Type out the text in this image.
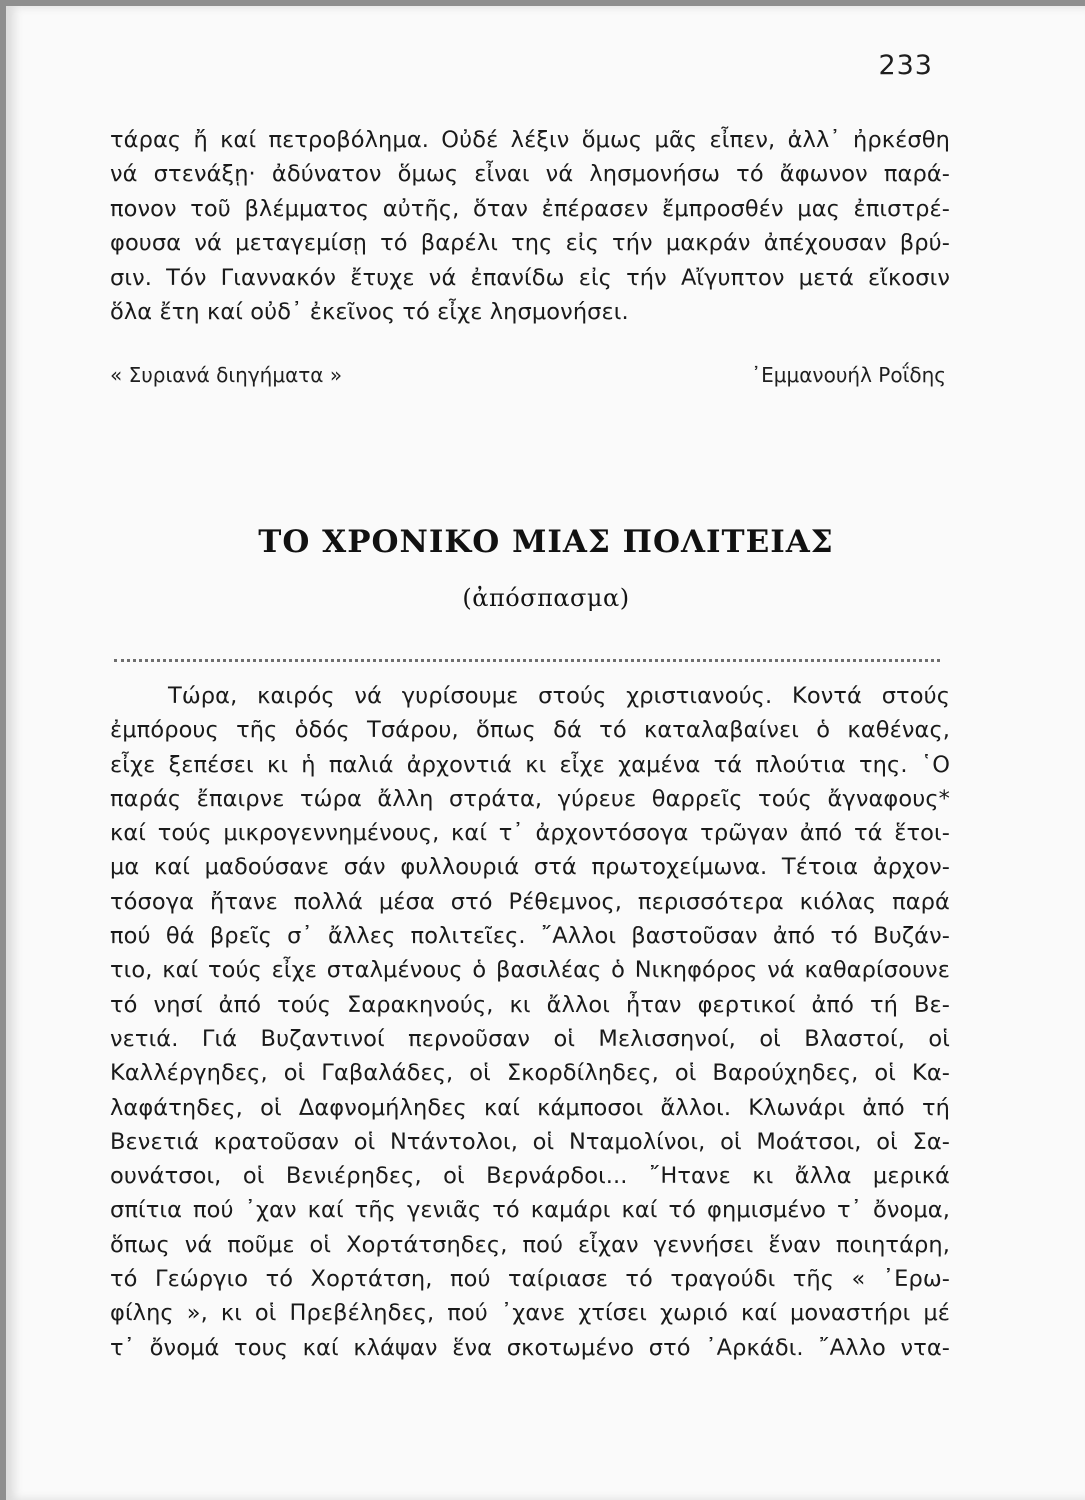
233
τάρας ἤ καί πετροβόλημα. Οὐδέ λέξιν ὅμως μᾶς εἶπεν, ἀλλ᾽ ἠρκέσθη
νά στενάξῃ· ἀδύνατον ὅμως εἶναι νά λησμονήσω τό ἄφωνον παρά-
πονον τοῦ βλέμματος αὐτῆς, ὅταν ἐπέρασεν ἔμπροσθέν μας ἐπιστρέ-
φουσα νά μεταγεμίσῃ τό βαρέλι της εἰς τήν μακράν ἀπέχουσαν βρύ-
σιν. Τόν Γιαννακόν ἔτυχε νά ἐπανίδω εἰς τήν Αἴγυπτον μετά εἴκοσιν
ὅλα ἔτη καί οὐδ᾽ ἐκεῖνος τό εἶχε λησμονήσει.
« Συριανά διηγήματα »	᾿Εμμανουήλ Ροΐδης
ΤΟ ΧΡΟΝΙΚΟ ΜΙΑΣ ΠΟΛΙΤΕΙΑΣ
(ἀπόσπασμα)
Τώρα, καιρός νά γυρίσουμε στούς χριστιανούς. Κοντά στούς
ἐμπόρους τῆς ὁδός Τσάρου, ὅπως δά τό καταλαβαίνει ὁ καθένας,
εἶχε ξεπέσει κι ἡ παλιά ἀρχοντιά κι εἶχε χαμένα τά πλούτια της. ῾Ο
παράς ἔπαιρνε τώρα ἄλλη στράτα, γύρευε θαρρεῖς τούς ἄγναφους*
καί τούς μικρογεννημένους, καί τ᾽ ἀρχοντόσογα τρῶγαν ἀπό τά ἕτοι-
μα καί μαδούσανε σάν φυλλουριά στά πρωτοχείμωνα. Τέτοια ἀρχον-
τόσογα ἤτανε πολλά μέσα στό Ρέθεμνος, περισσότερα κιόλας παρά
πού θά βρεῖς σ᾽ ἄλλες πολιτεῖες. ῎Αλλοι βαστοῦσαν ἀπό τό Βυζάν-
τιο, καί τούς εἶχε σταλμένους ὁ βασιλέας ὁ Νικηφόρος νά καθαρίσουνε
τό νησί ἀπό τούς Σαρακηνούς, κι ἄλλοι ἦταν φερτικοί ἀπό τή Βε-
νετιά. Γιά Βυζαντινοί περνοῦσαν οἱ Μελισσηνοί, οἱ Βλαστοί, οἱ
Καλλέργηδες, οἱ Γαβαλάδες, οἱ Σκορδίληδες, οἱ Βαρούχηδες, οἱ Κα-
λαφάτηδες, οἱ Δαφνομήληδες καί κάμποσοι ἄλλοι. Κλωνάρι ἀπό τή
Βενετιά κρατοῦσαν οἱ Ντάντολοι, οἱ Νταμολίνοι, οἱ Μοάτσοι, οἱ Σα-
ουνάτσοι, οἱ Βενιέρηδες, οἱ Βερνάρδοι... ῎Ητανε κι ἄλλα μερικά
σπίτια πού ᾽χαν καί τῆς γενιᾶς τό καμάρι καί τό φημισμένο τ᾽ ὄνομα,
ὅπως νά ποῦμε οἱ Χορτάτσηδες, πού εἶχαν γεννήσει ἕναν ποιητάρη,
τό Γεώργιο τό Χορτάτση, πού ταίριασε τό τραγούδι τῆς « ᾿Ερω-
φίλης », κι οἱ Πρεβέληδες, πού ᾽χανε χτίσει χωριό καί μοναστήρι μέ
τ᾽ ὄνομά τους καί κλάψαν ἕνα σκοτωμένο στό ᾿Αρκάδι. ῎Αλλο ντα-
